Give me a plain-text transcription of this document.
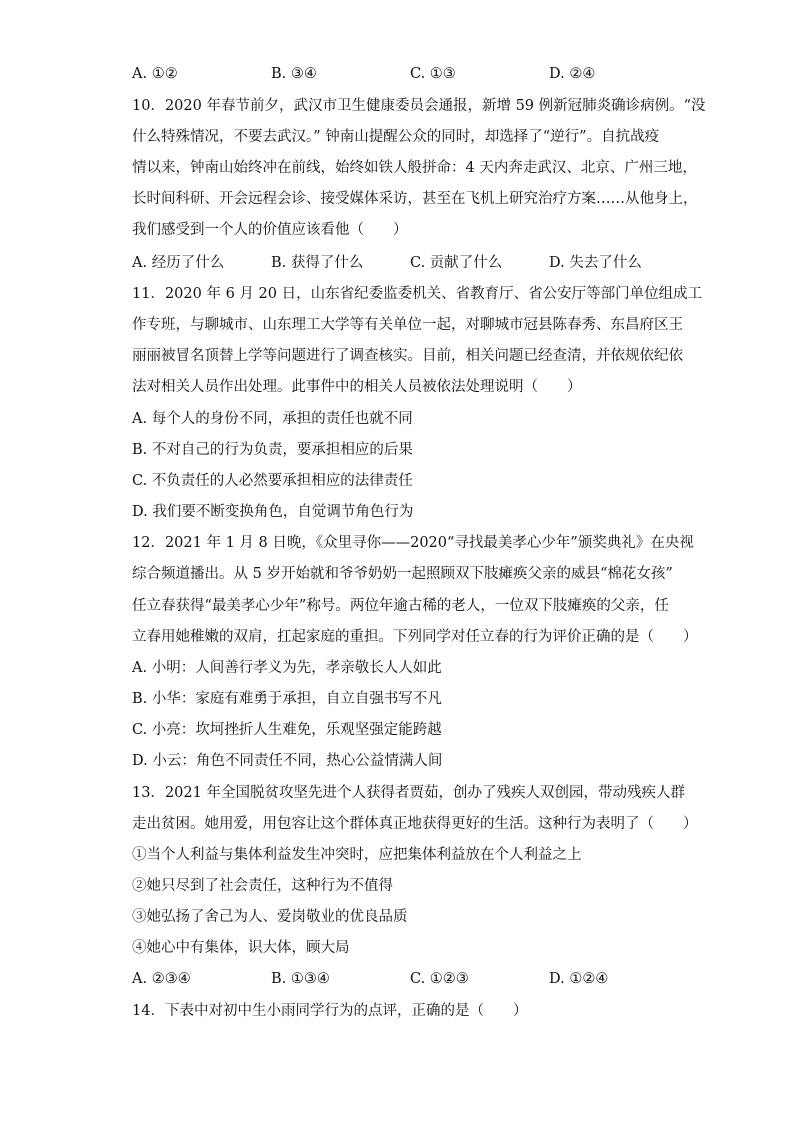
A. ①②	B. ③④	C. ①③	D. ②④
10．2020 年春节前夕，武汉市卫生健康委员会通报，新增 59 例新冠肺炎确诊病例。“没
什么特殊情况，不要去武汉。” 钟南山提醒公众的同时，却选择了“逆行”。自抗战疫
情以来，钟南山始终冲在前线，始终如铁人般拼命：4 天内奔走武汉、北京、广州三地，
长时间科研、开会远程会诊、接受媒体采访，甚至在飞机上研究治疗方案……从他身上，
我们感受到一个人的价值应该看他（　　）
A. 经历了什么	B. 获得了什么	C. 贡献了什么	D. 失去了什么
11．2020 年 6 月 20 日，山东省纪委监委机关、省教育厅、省公安厅等部门单位组成工
作专班，与聊城市、山东理工大学等有关单位一起，对聊城市冠县陈春秀、东昌府区王
丽丽被冒名顶替上学等问题进行了调查核实。目前，相关问题已经查清，并依规依纪依
法对相关人员作出处理。此事件中的相关人员被依法处理说明（　　）
A. 每个人的身份不同，承担的责任也就不同
B. 不对自己的行为负责，要承担相应的后果
C. 不负责任的人必然要承担相应的法律责任
D. 我们要不断变换角色，自觉调节角色行为
12．2021 年 1 月 8 日晚，《众里寻你——2020“寻找最美孝心少年”颁奖典礼》在央视
综合频道播出。从 5 岁开始就和爷爷奶奶一起照顾双下肢瘫痪父亲的威县“棉花女孩”
任立春获得“最美孝心少年”称号。两位年逾古稀的老人，一位双下肢瘫痪的父亲，任
立春用她稚嫩的双肩，扛起家庭的重担。下列同学对任立春的行为评价正确的是（　　）
A. 小明：人间善行孝义为先，孝亲敬长人人如此
B. 小华：家庭有难勇于承担，自立自强书写不凡
C. 小亮：坎坷挫折人生难免，乐观坚强定能跨越
D. 小云：角色不同责任不同，热心公益情满人间
13．2021 年全国脱贫攻坚先进个人获得者贾茹，创办了残疾人双创园，带动残疾人群
走出贫困。她用爱，用包容让这个群体真正地获得更好的生活。这种行为表明了（　　）
①当个人利益与集体利益发生冲突时，应把集体利益放在个人利益之上
②她只尽到了社会责任，这种行为不值得
③她弘扬了舍己为人、爱岗敬业的优良品质
④她心中有集体，识大体，顾大局
A. ②③④	B. ①③④	C. ①②③	D. ①②④
14．下表中对初中生小雨同学行为的点评，正确的是（　　）
